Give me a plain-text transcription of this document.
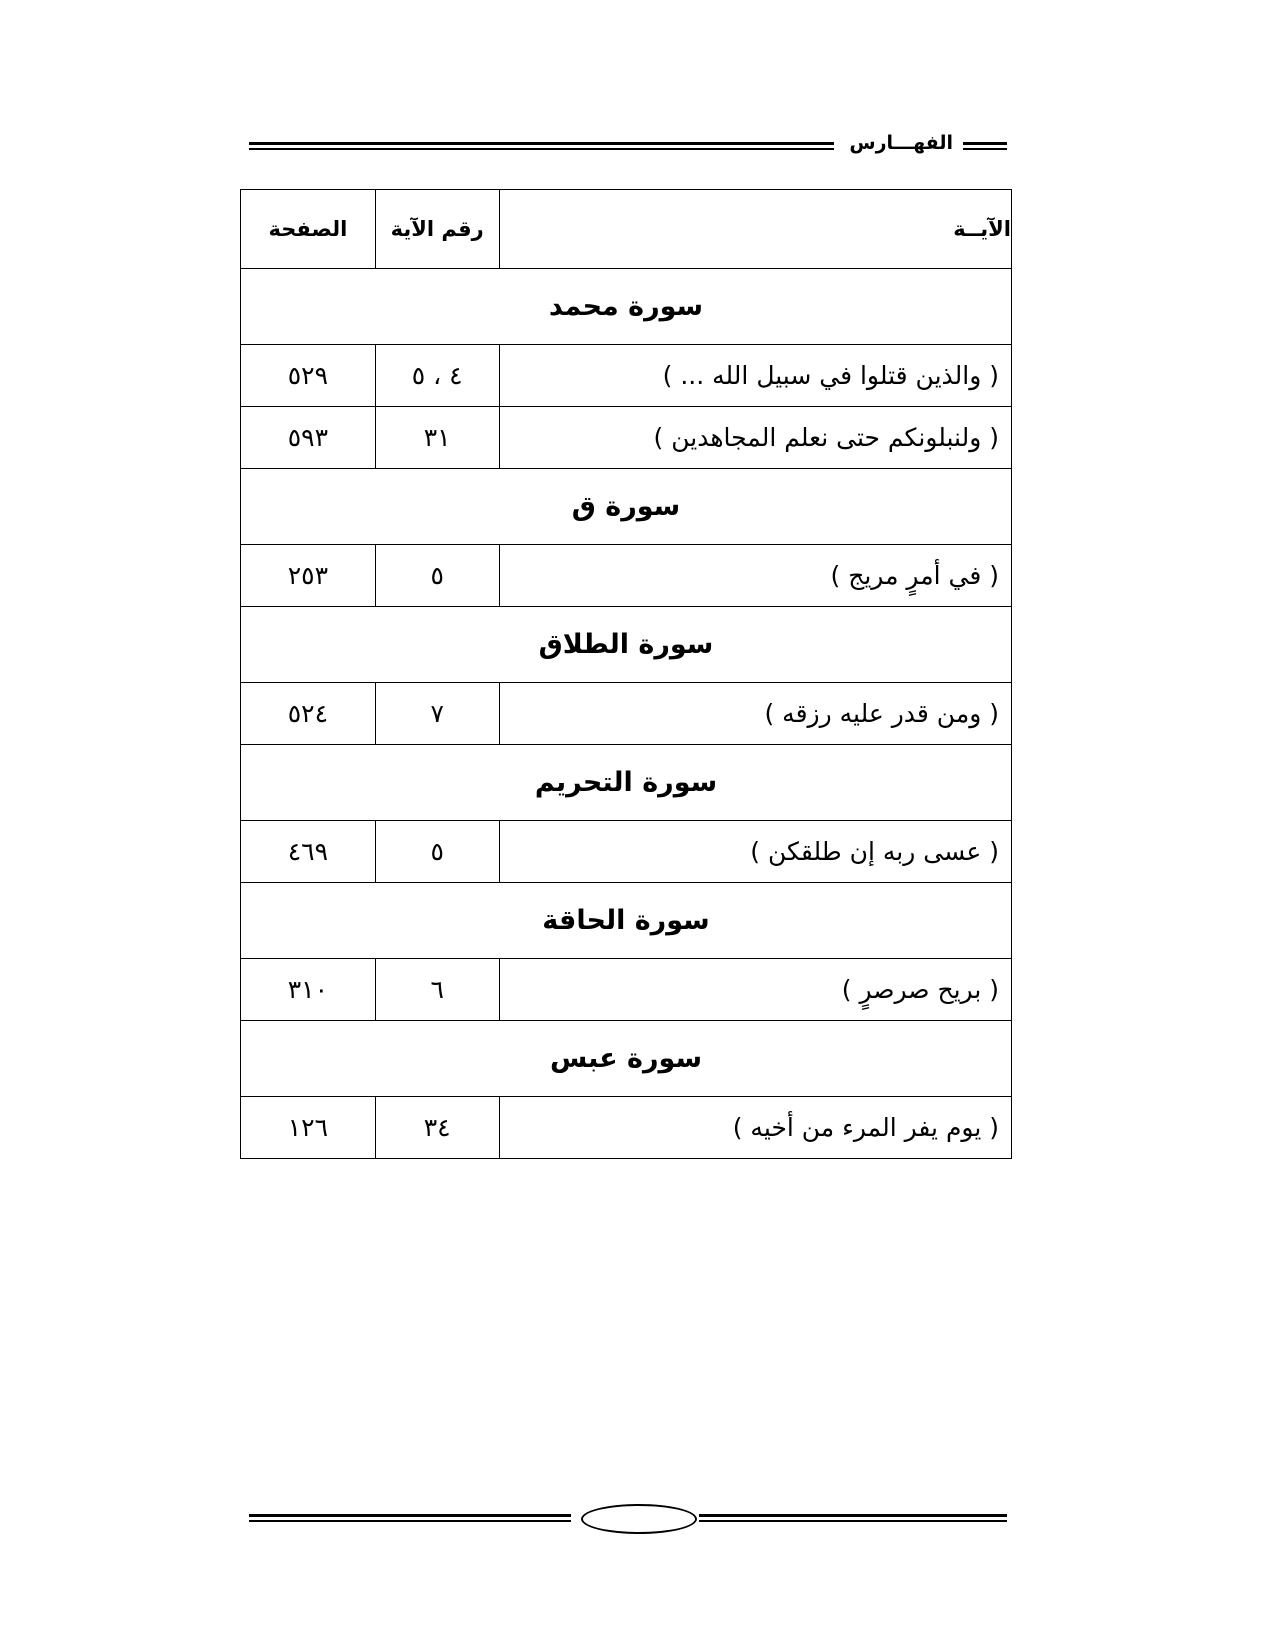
الفهـــارس
الآيــة	رقم الآية	الصفحة
سورة محمد		
( والذين قتلوا في سبيل الله ... )	٤ ، ٥	٥٢٩
( ولنبلونكم حتى نعلم المجاهدين )	٣١	٥٩٣
سورة ق		
( في أمرٍ مريج )	٥	٢٥٣
سورة الطلاق		
( ومن قدر عليه رزقه )	٧	٥٢٤
سورة التحريم		
( عسى ربه إن طلقكن )	٥	٤٦٩
سورة الحاقة		
( بريح صرصرٍ )	٦	٣١٠
سورة عبس		
( يوم يفر المرء من أخيه )	٣٤	١٢٦
